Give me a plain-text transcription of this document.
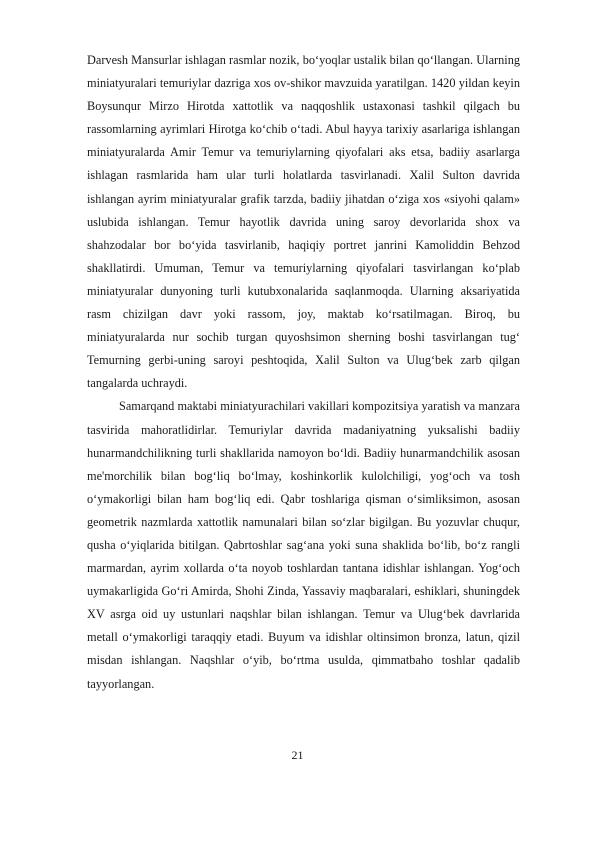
Darvesh Mansurlar ishlagan rasmlar nozik, bo‘yoqlar ustalik bilan qo‘llangan. Ularning miniatyuralari temuriylar dazriga xos ov-shikor mavzuida yaratilgan. 1420 yildan keyin Boysunqur Mirzo Hirotda xattotlik va naqqoshlik ustaxonasi tashkil qilgach bu rassomlarning ayrimlari Hirotga ko‘chib o‘tadi. Abul hayya tarixiy asarlariga ishlangan miniatyuralarda Amir Temur va temuriylarning qiyofalari aks etsa, badiiy asarlarga ishlagan rasmlarida ham ular turli holatlarda tasvirlanadi. Xalil Sulton davrida ishlangan ayrim miniatyuralar grafik tarzda, badiiy jihatdan o‘ziga xos «siyohi qalam» uslubida ishlangan. Temur hayotlik davrida uning saroy devorlarida shox va shahzodalar bor bo‘yida tasvirlanib, haqiqiy portret janrini Kamoliddin Behzod shakllatirdi. Umuman, Temur va temuriylarning qiyofalari tasvirlangan ko‘plab miniatyuralar dunyoning turli kutubxonalarida saqlanmoqda. Ularning aksariyatida rasm chizilgan davr yoki rassom, joy, maktab ko‘rsatilmagan. Biroq, bu miniatyuralarda nur sochib turgan quyoshsimon sherning boshi tasvirlangan tug‘ Temurning gerbi-uning saroyi peshtoqida, Xalil Sulton va Ulug‘bek zarb qilgan tangalarda uchraydi.

Samarqand maktabi miniatyurachilari vakillari kompozitsiya yaratish va manzara tasvirida mahoratlidirlar. Temuriylar davrida madaniyatning yuksalishi badiiy hunarmandchilikning turli shakllarida namoyon bo‘ldi. Badiiy hunarmandchilik asosan me'morchilik bilan bog‘liq bo‘lmay, koshinkorlik kulolchiligi, yog‘och va tosh o‘ymakorligi bilan ham bog‘liq edi. Qabr toshlariga qisman o‘simliksimon, asosan geometrik nazmlarda xattotlik namunalari bilan so‘zlar bigilgan. Bu yozuvlar chuqur, qusha o‘yiqlarida bitilgan. Qabrtoshlar sag‘ana yoki suna shaklida bo‘lib, bo‘z rangli marmardan, ayrim xollarda o‘ta noyob toshlardan tantana idishlar ishlangan. Yog‘och uymakarligida Go‘ri Amirda, Shohi Zinda, Yassaviy maqbaralari, eshiklari, shuningdek XV asrga oid uy ustunlari naqshlar bilan ishlangan. Temur va Ulug‘bek davrlarida metall o‘ymakorligi taraqqiy etadi. Buyum va idishlar oltinsimon bronza, latun, qizil misdan ishlangan. Naqshlar o‘yib, bo‘rtma usulda, qimmatbaho toshlar qadalib tayyorlangan.

21
